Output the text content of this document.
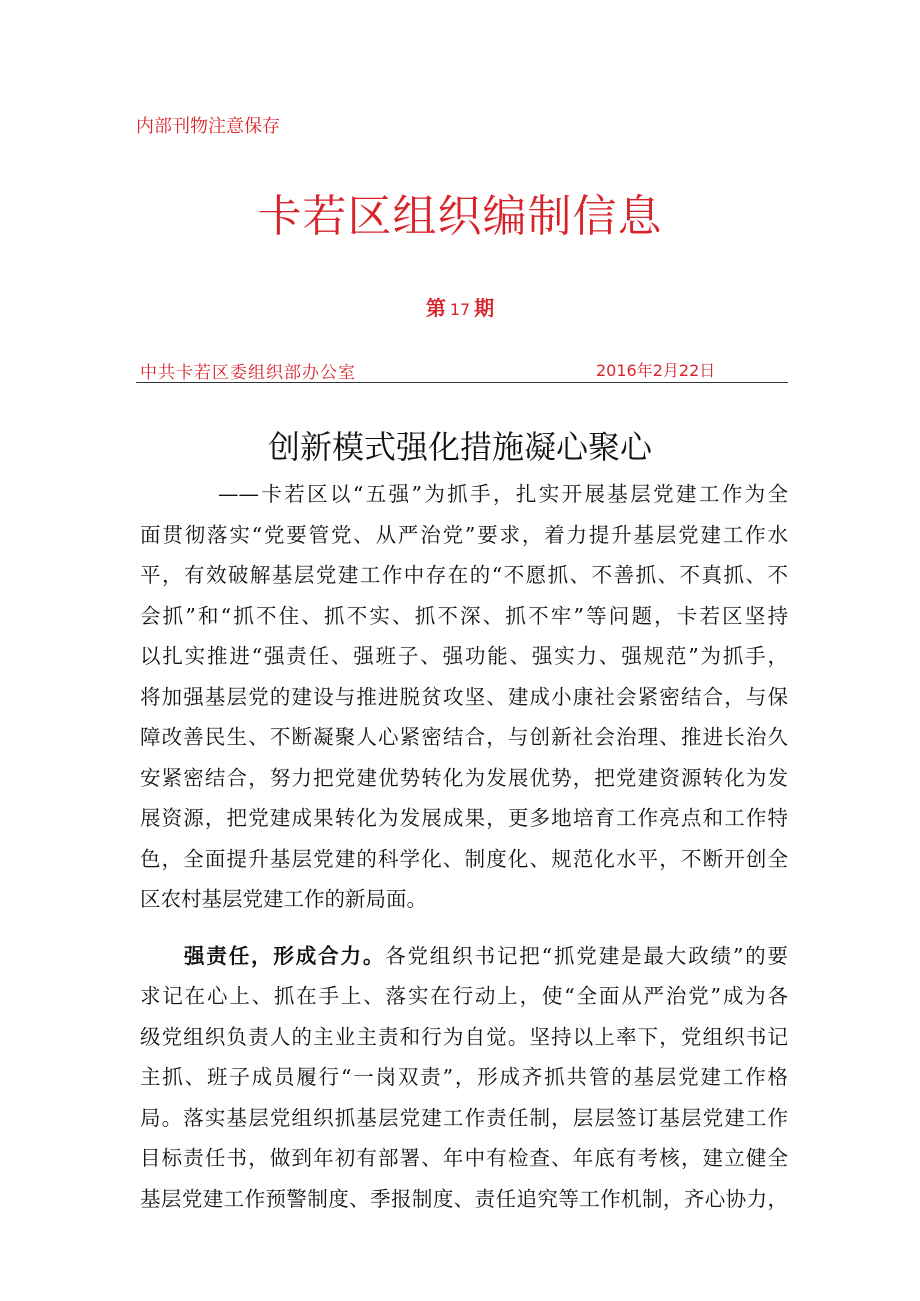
内部刊物注意保存
卡若区组织编制信息
第 17 期
中共卡若区委组织部办公室	2016年2月22日
创新模式强化措施凝心聚心
——卡若区以“五强”为抓手，扎实开展基层党建工作为全
面贯彻落实“党要管党、从严治党”要求，着力提升基层党建工作水
平，有效破解基层党建工作中存在的“不愿抓、不善抓、不真抓、不
会抓”和“抓不住、抓不实、抓不深、抓不牢”等问题，卡若区坚持
以扎实推进“强责任、强班子、强功能、强实力、强规范”为抓手，
将加强基层党的建设与推进脱贫攻坚、建成小康社会紧密结合，与保
障改善民生、不断凝聚人心紧密结合，与创新社会治理、推进长治久
安紧密结合，努力把党建优势转化为发展优势，把党建资源转化为发
展资源，把党建成果转化为发展成果，更多地培育工作亮点和工作特
色，全面提升基层党建的科学化、制度化、规范化水平，不断开创全
区农村基层党建工作的新局面。
强责任，形成合力。各党组织书记把“抓党建是最大政绩”的要
求记在心上、抓在手上、落实在行动上，使“全面从严治党”成为各
级党组织负责人的主业主责和行为自觉。坚持以上率下，党组织书记
主抓、班子成员履行“一岗双责”，形成齐抓共管的基层党建工作格
局。落实基层党组织抓基层党建工作责任制，层层签订基层党建工作
目标责任书，做到年初有部署、年中有检查、年底有考核，建立健全
基层党建工作预警制度、季报制度、责任追究等工作机制，齐心协力，
